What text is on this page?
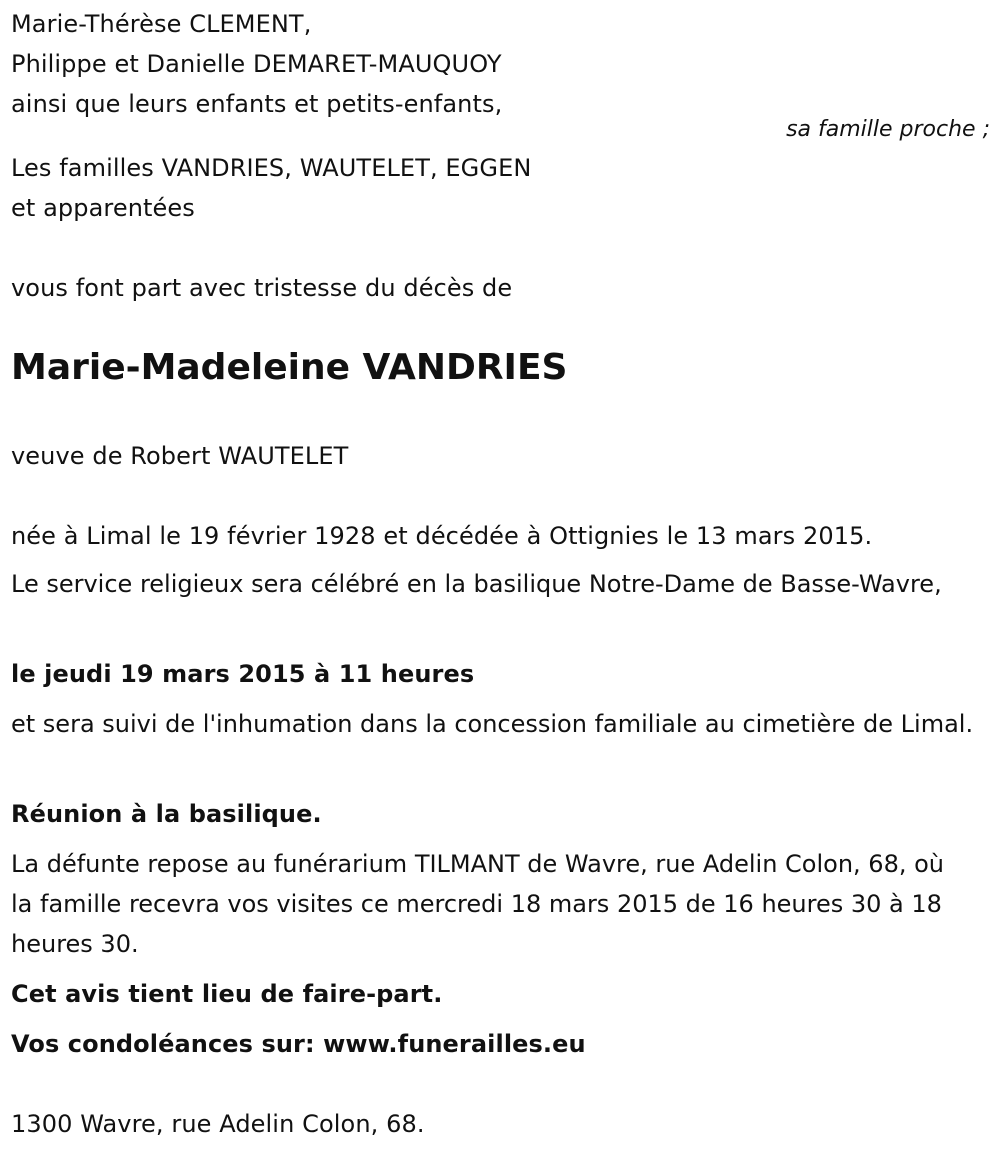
Marie-Thérèse CLEMENT,
Philippe et Danielle DEMARET-MAUQUOY
ainsi que leurs enfants et petits-enfants,
sa famille proche ;
Les familles VANDRIES, WAUTELET, EGGEN
et apparentées
vous font part avec tristesse du décès de
Marie-Madeleine VANDRIES
veuve de Robert WAUTELET
née à Limal le 19 février 1928 et décédée à Ottignies le 13 mars 2015.
Le service religieux sera célébré en la basilique Notre-Dame de Basse-Wavre,
le jeudi 19 mars 2015 à 11 heures
et sera suivi de l'inhumation dans la concession familiale au cimetière de Limal.
Réunion à la basilique.
La défunte repose au funérarium TILMANT de Wavre, rue Adelin Colon, 68, où la famille recevra vos visites ce mercredi 18 mars 2015 de 16 heures 30 à 18 heures 30.
Cet avis tient lieu de faire-part.
Vos condoléances sur: www.funerailles.eu
1300 Wavre, rue Adelin Colon, 68.
